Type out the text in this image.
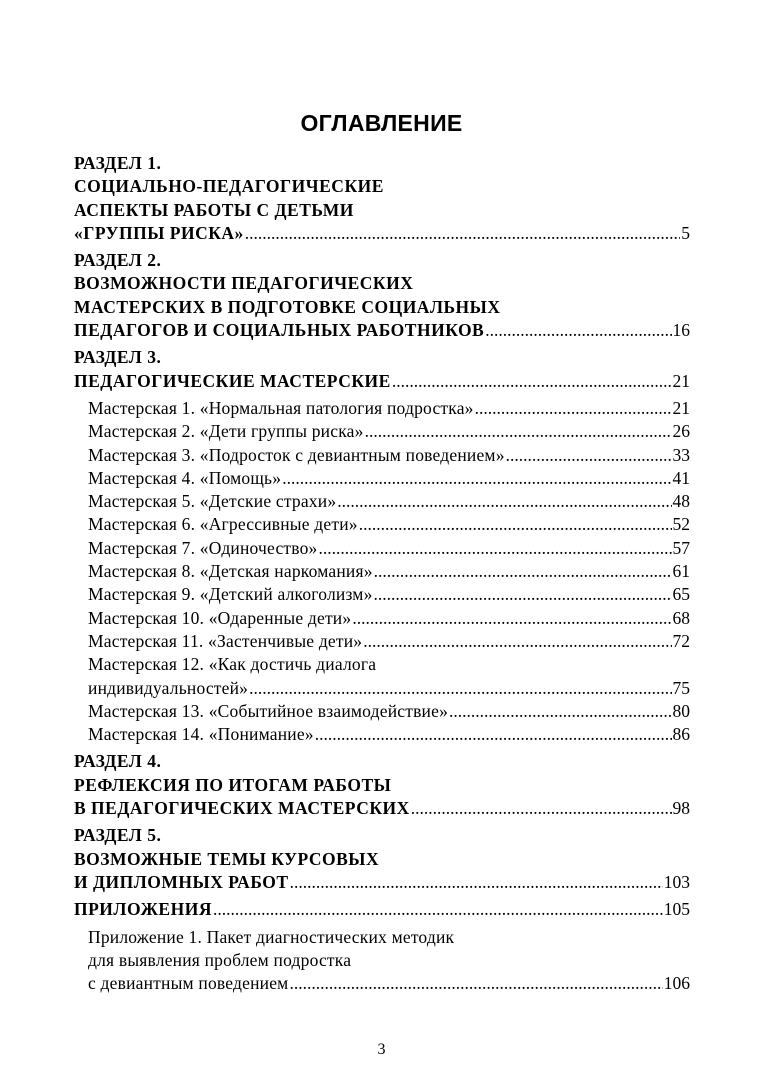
ОГЛАВЛЕНИЕ
РАЗДЕЛ 1.
СОЦИАЛЬНО-ПЕДАГОГИЧЕСКИЕ
АСПЕКТЫ РАБОТЫ С ДЕТЬМИ
«ГРУППЫ РИСКА» .....	5
РАЗДЕЛ 2.
ВОЗМОЖНОСТИ ПЕДАГОГИЧЕСКИХ
МАСТЕРСКИХ В ПОДГОТОВКЕ СОЦИАЛЬНЫХ
ПЕДАГОГОВ И СОЦИАЛЬНЫХ РАБОТНИКОВ .....	16
РАЗДЕЛ 3.
ПЕДАГОГИЧЕСКИЕ МАСТЕРСКИЕ .....	21
Мастерская 1. «Нормальная патология подростка» .....	21
Мастерская 2. «Дети группы риска» .....	26
Мастерская 3. «Подросток с девиантным поведением» .....	33
Мастерская 4. «Помощь» .....	41
Мастерская 5. «Детские страхи» .....	48
Мастерская 6. «Агрессивные дети» .....	52
Мастерская 7. «Одиночество» .....	57
Мастерская 8. «Детская наркомания» .....	61
Мастерская 9. «Детский алкоголизм» .....	65
Мастерская 10. «Одаренные дети» .....	68
Мастерская 11. «Застенчивые дети» .....	72
Мастерская 12. «Как достичь диалога
индивидуальностей» .....	75
Мастерская 13. «Событийное взаимодействие» .....	80
Мастерская 14. «Понимание» .....	86
РАЗДЕЛ 4.
РЕФЛЕКСИЯ ПО ИТОГАМ РАБОТЫ
В ПЕДАГОГИЧЕСКИХ МАСТЕРСКИХ .....	98
РАЗДЕЛ 5.
ВОЗМОЖНЫЕ ТЕМЫ КУРСОВЫХ
И ДИПЛОМНЫХ РАБОТ .....	103
ПРИЛОЖЕНИЯ .....	105
Приложение 1. Пакет диагностических методик
для выявления проблем подростка
с девиантным поведением .....	106
3
